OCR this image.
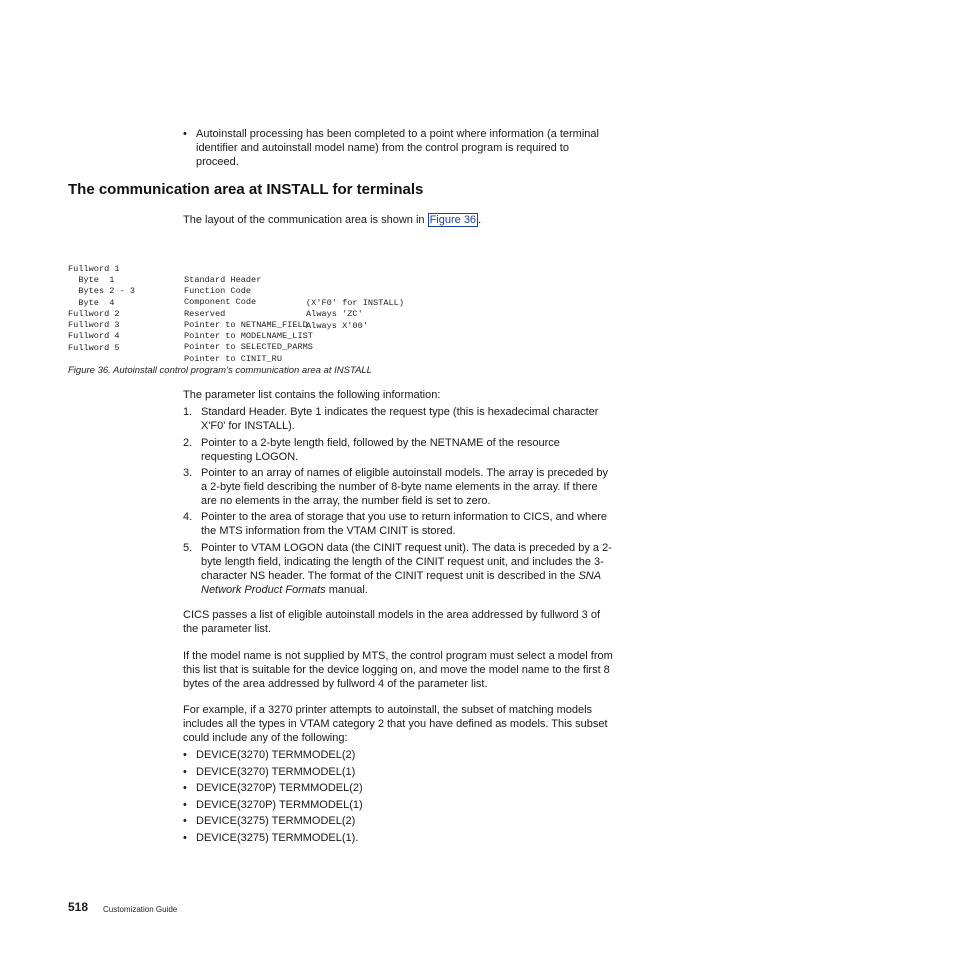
• Autoinstall processing has been completed to a point where information (a terminal identifier and autoinstall model name) from the control program is required to proceed.
The communication area at INSTALL for terminals
The layout of the communication area is shown in Figure 36 .

Fullword 1

Standard Header

Byte  1

Function Code

(X'F0' for INSTALL)

Bytes 2 - 3

Component Code

Always 'ZC'

Byte  4

Reserved

Always X'00'

Fullword 2

Pointer to NETNAME_FIELD

Fullword 3

Pointer to MODELNAME_LIST

Fullword 4

Pointer to SELECTED_PARMS

Fullword 5

Pointer to CINIT_RU

Figure 36. Autoinstall control program’s communication area at INSTALL
The parameter list contains the following information:
1. Standard Header. Byte 1 indicates the request type (this is hexadecimal character X'F0' for INSTALL).
2. Pointer to a 2-byte length field, followed by the NETNAME of the resource requesting LOGON.
3. Pointer to an array of names of eligible autoinstall models. The array is preceded by a 2-byte field describing the number of 8-byte name elements in the array. If there are no elements in the array, the number field is set to zero.
4. Pointer to the area of storage that you use to return information to CICS, and where the MTS information from the VTAM CINIT is stored.
5. Pointer to VTAM LOGON data (the CINIT request unit). The data is preceded by a 2-byte length field, indicating the length of the CINIT request unit, and includes the 3-character NS header. The format of the CINIT request unit is described in the SNA Network Product Formats manual.
CICS passes a list of eligible autoinstall models in the area addressed by fullword 3 of the parameter list.
If the model name is not supplied by MTS, the control program must select a model from this list that is suitable for the device logging on, and move the model name to the first 8 bytes of the area addressed by fullword 4 of the parameter list.
For example, if a 3270 printer attempts to autoinstall, the subset of matching models includes all the types in VTAM category 2 that you have defined as models. This subset could include any of the following:
• DEVICE(3270) TERMMODEL(2)
• DEVICE(3270) TERMMODEL(1)
• DEVICE(3270P) TERMMODEL(2)
• DEVICE(3270P) TERMMODEL(1)
• DEVICE(3275) TERMMODEL(2)
• DEVICE(3275) TERMMODEL(1).
518 Customization Guide
